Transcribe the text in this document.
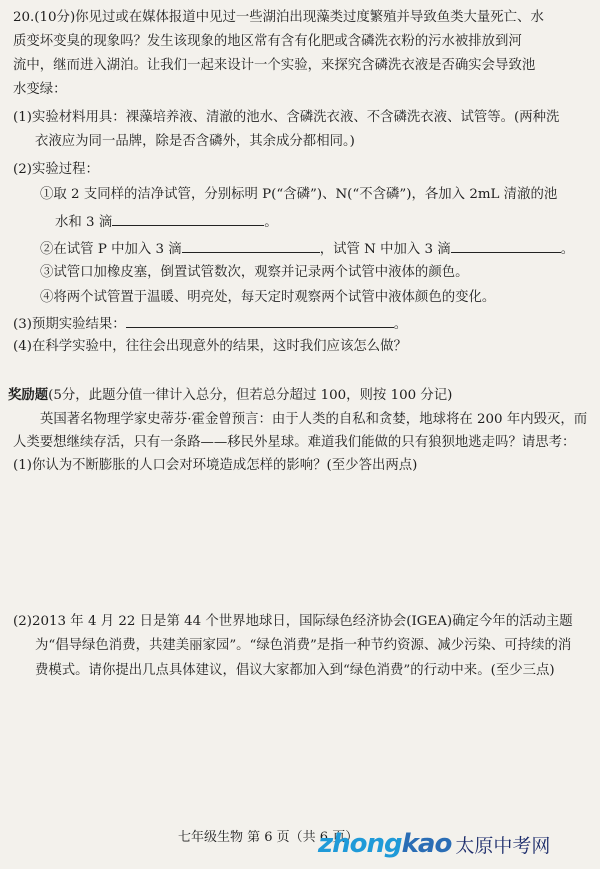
20.(10分)你见过或在媒体报道中见过一些湖泊出现藻类过度繁殖并导致鱼类大量死亡、水
质变坏变臭的现象吗？发生该现象的地区常有含有化肥或含磷洗衣粉的污水被排放到河
流中，继而进入湖泊。让我们一起来设计一个实验，来探究含磷洗衣液是否确实会导致池
水变绿：
(1)实验材料用具：裸藻培养液、清澈的池水、含磷洗衣液、不含磷洗衣液、试管等。(两种洗
衣液应为同一品牌，除是否含磷外，其余成分都相同。)
(2)实验过程：
①取 2 支同样的洁净试管，分别标明 P(“含磷”)、N(“不含磷”)，各加入 2mL 清澈的池
水和 3 滴	。
②在试管 P 中加入 3 滴	，试管 N 中加入 3 滴	。
③试管口加橡皮塞，倒置试管数次，观察并记录两个试管中液体的颜色。
④将两个试管置于温暖、明亮处，每天定时观察两个试管中液体颜色的变化。
(3)预期实验结果：	。
(4)在科学实验中，往往会出现意外的结果，这时我们应该怎么做？
奖励题(5分，此题分值一律计入总分，但若总分超过 100，则按 100 分记)
英国著名物理学家史蒂芬·霍金曾预言：由于人类的自私和贪婪，地球将在 200 年内毁灭，而
人类要想继续存活，只有一条路——移民外星球。难道我们能做的只有狼狈地逃走吗？请思考：
(1)你认为不断膨胀的人口会对环境造成怎样的影响？(至少答出两点)
(2)2013 年 4 月 22 日是第 44 个世界地球日，国际绿色经济协会(IGEA)确定今年的活动主题
为“倡导绿色消费，共建美丽家园”。“绿色消费”是指一种节约资源、减少污染、可持续的消
费模式。请你提出几点具体建议，倡议大家都加入到“绿色消费”的行动中来。(至少三点)
七年级生物 第 6 页（共 6 页）
zhongkao 太原中考网
